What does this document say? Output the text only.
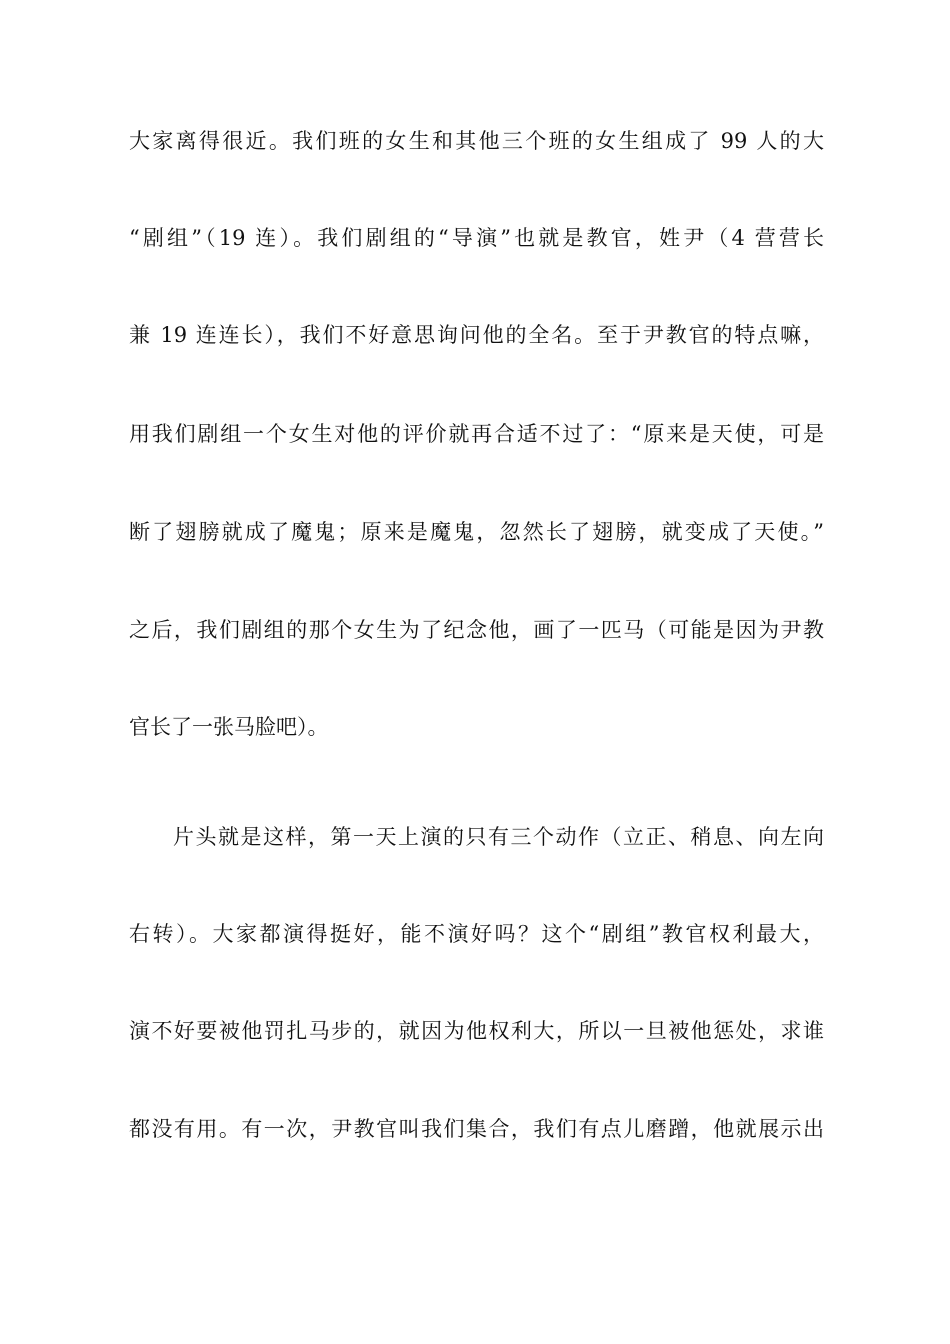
大家离得很近。我们班的女生和其他三个班的女生组成了 99 人的大
“剧组”（19 连）。我们剧组的“导演”也就是教官，姓尹（4 营营长
兼 19 连连长），我们不好意思询问他的全名。至于尹教官的特点嘛，
用我们剧组一个女生对他的评价就再合适不过了：“原来是天使，可是
断了翅膀就成了魔鬼；原来是魔鬼，忽然长了翅膀，就变成了天使。”
之后，我们剧组的那个女生为了纪念他，画了一匹马（可能是因为尹教
官长了一张马脸吧）。
片头就是这样，第一天上演的只有三个动作（立正、稍息、向左向
右转）。大家都演得挺好，能不演好吗？这个“剧组”教官权利最大，
演不好要被他罚扎马步的，就因为他权利大，所以一旦被他惩处，求谁
都没有用。有一次，尹教官叫我们集合，我们有点儿磨蹭，他就展示出
